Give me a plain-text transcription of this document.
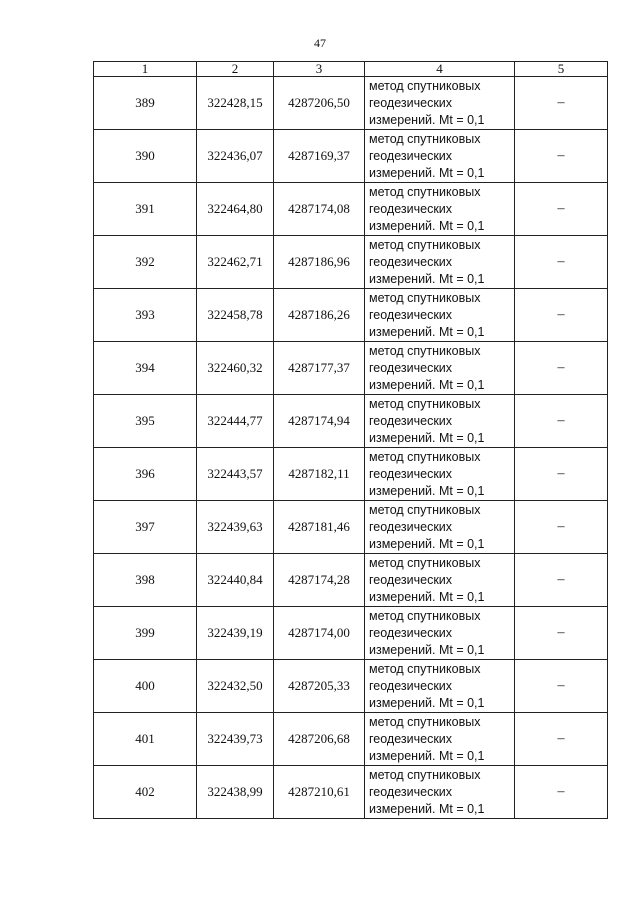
47
1	2	3	4	5
389	322428,15	4287206,50	метод спутниковых
геодезических
измерений. Mt = 0,1	–
390	322436,07	4287169,37	метод спутниковых
геодезических
измерений. Mt = 0,1	–
391	322464,80	4287174,08	метод спутниковых
геодезических
измерений. Mt = 0,1	–
392	322462,71	4287186,96	метод спутниковых
геодезических
измерений. Mt = 0,1	–
393	322458,78	4287186,26	метод спутниковых
геодезических
измерений. Mt = 0,1	–
394	322460,32	4287177,37	метод спутниковых
геодезических
измерений. Mt = 0,1	–
395	322444,77	4287174,94	метод спутниковых
геодезических
измерений. Mt = 0,1	–
396	322443,57	4287182,11	метод спутниковых
геодезических
измерений. Mt = 0,1	–
397	322439,63	4287181,46	метод спутниковых
геодезических
измерений. Mt = 0,1	–
398	322440,84	4287174,28	метод спутниковых
геодезических
измерений. Mt = 0,1	–
399	322439,19	4287174,00	метод спутниковых
геодезических
измерений. Mt = 0,1	–
400	322432,50	4287205,33	метод спутниковых
геодезических
измерений. Mt = 0,1	–
401	322439,73	4287206,68	метод спутниковых
геодезических
измерений. Mt = 0,1	–
402	322438,99	4287210,61	метод спутниковых
геодезических
измерений. Mt = 0,1	–
